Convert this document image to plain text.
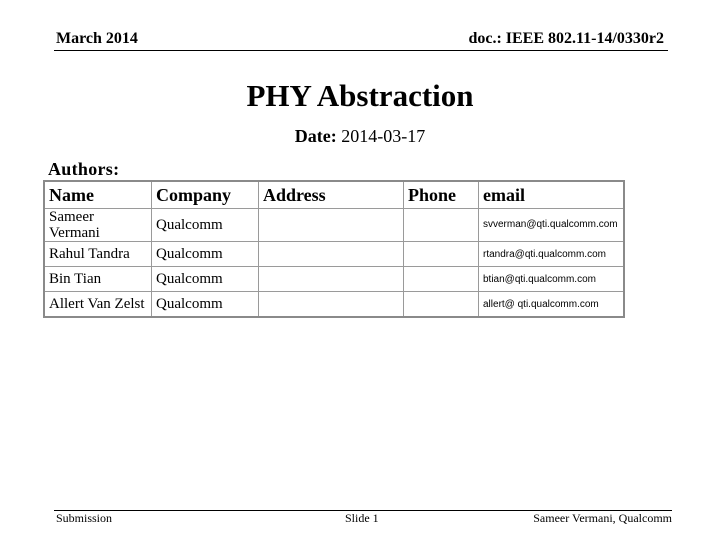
March 2014	doc.: IEEE 802.11-14/0330r2
PHY Abstraction
Date: 2014-03-17
Authors:
Name	Company	Address	Phone	email
Sameer
Vermani	Qualcomm			svverman@qti.qualcomm.com
Rahul Tandra	Qualcomm			rtandra@qti.qualcomm.com
Bin Tian	Qualcomm			btian@qti.qualcomm.com
Allert Van Zelst	Qualcomm			allert@ qti.qualcomm.com
Submission	Slide 1	Sameer Vermani, Qualcomm
